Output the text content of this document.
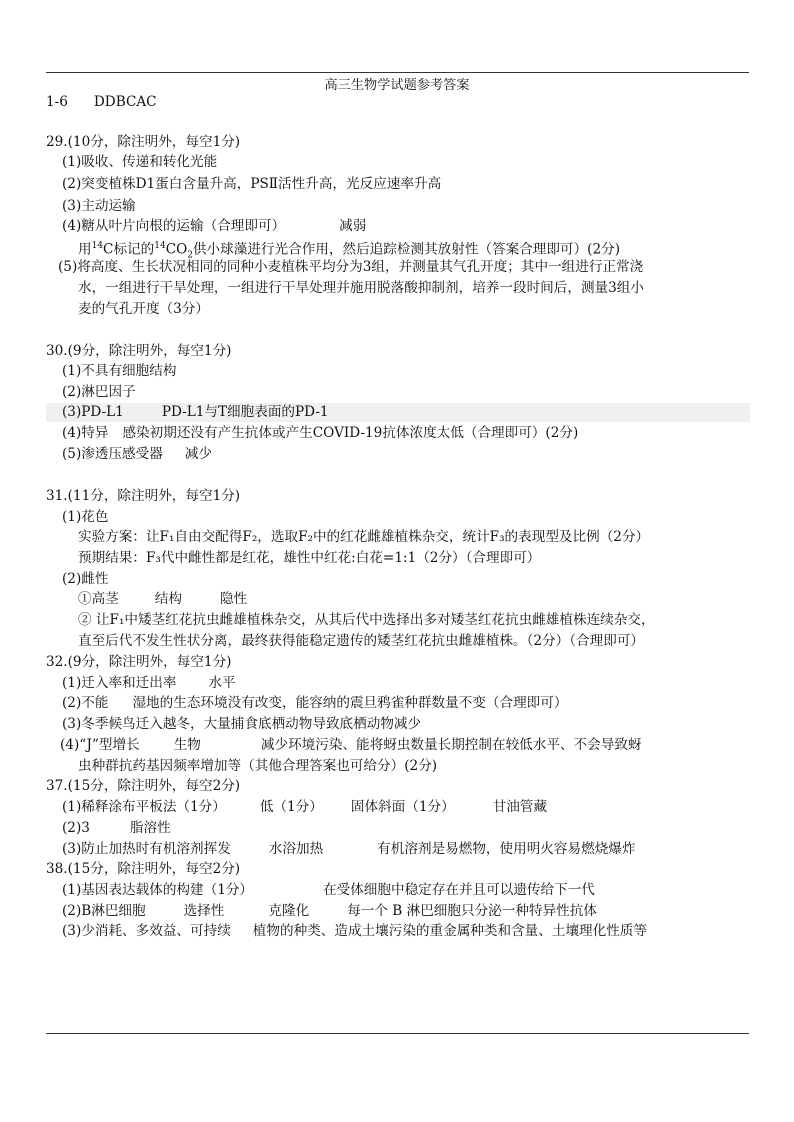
高三生物学试题参考答案
1-6 DDBCAC
29.(10分，除注明外，每空1分)
(1)吸收、传递和转化光能
(2)突变植株D1蛋白含量升高，PSⅡ活性升高，光反应速率升高
(3)主动运输
(4)糖从叶片向根的运输（合理即可）	减弱
用$^{14}$C标记的$^{14}CO_2$供小球藻进行光合作用，然后追踪检测其放射性（答案合理即可）(2分)
(5)将高度、生长状况相同的同种小麦植株平均分为3组，并测量其气孔开度；其中一组进行正常浇
水，一组进行干旱处理，一组进行干旱处理并施用脱落酸抑制剂，培养一段时间后，测量3组小
麦的气孔开度（3分）
30.(9分，除注明外，每空1分)
(1)不具有细胞结构
(2)淋巴因子
(3)PD-L1	PD-L1与T细胞表面的PD-1
(4)特异 感染初期还没有产生抗体或产生COVID-19抗体浓度太低（合理即可）(2分)
(5)渗透压感受器 减少
31.(11分，除注明外，每空1分)
(1)花色
实验方案：让F₁自由交配得F₂，选取F₂中的红花雌雄植株杂交，统计F₃的表现型及比例（2分）
预期结果：F₃代中雌性都是红花，雄性中红花:白花=1:1（2分）（合理即可）
(2)雌性
①高茎	结构	隐性
② 让F₁中矮茎红花抗虫雌雄植株杂交，从其后代中选择出多对矮茎红花抗虫雌雄植株连续杂交，
直至后代不发生性状分离，最终获得能稳定遗传的矮茎红花抗虫雌雄植株。（2分）（合理即可）
32.(9分，除注明外，每空1分)
(1)迁入率和迁出率 水平
(2)不能 湿地的生态环境没有改变，能容纳的震旦鸦雀种群数量不变（合理即可）
(3)冬季候鸟迁入越冬，大量捕食底栖动物导致底栖动物减少
(4)“J”型增长	生物	减少环境污染、能将蚜虫数量长期控制在较低水平、不会导致蚜
虫种群抗药基因频率增加等（其他合理答案也可给分）(2分)
37.(15分，除注明外，每空2分)
(1)稀释涂布平板法（1分）	低（1分） 固体斜面（1分）	甘油管藏
(2)3	脂溶性
(3)防止加热时有机溶剂挥发	水浴加热	有机溶剂是易燃物，使用明火容易燃烧爆炸
38.(15分，除注明外，每空2分)
(1)基因表达载体的构建（1分）	在受体细胞中稳定存在并且可以遗传给下一代
(2)B淋巴细胞	选择性	克隆化	每一个 B 淋巴细胞只分泌一种特异性抗体
(3)少消耗、多效益、可持续 植物的种类、造成土壤污染的重金属种类和含量、土壤理化性质等
